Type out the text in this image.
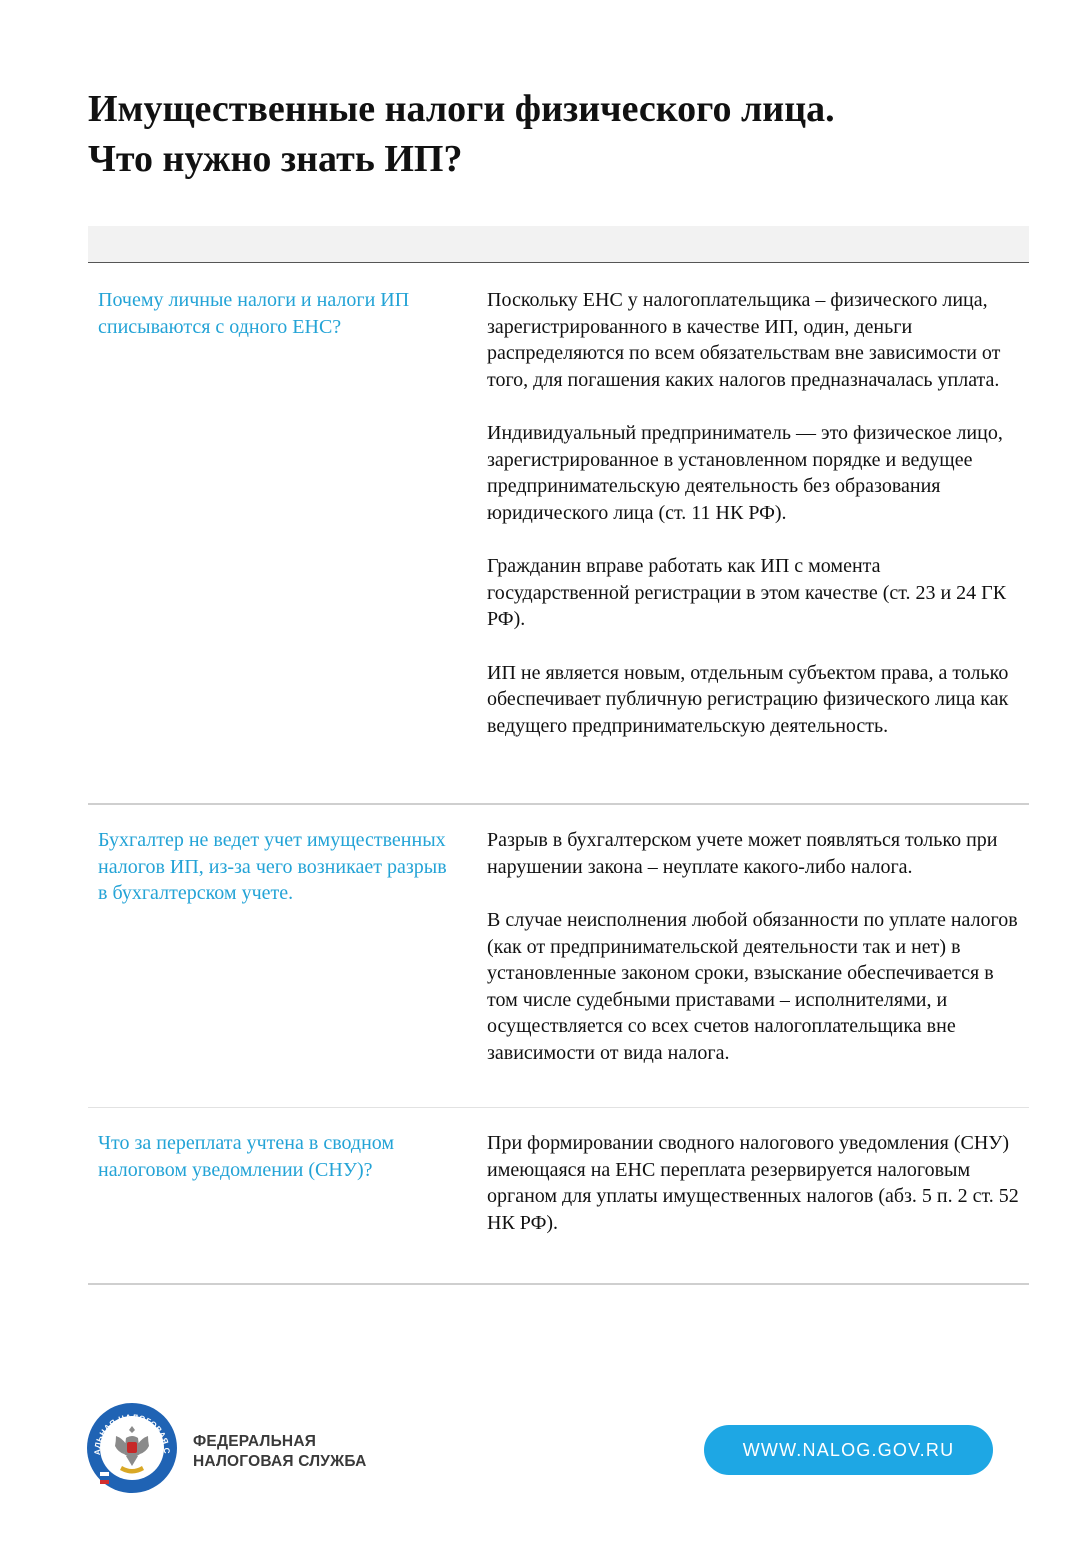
Имущественные налоги физического лица.
Что нужно знать ИП?
Почему личные налоги и налоги ИП списываются с одного ЕНС?

Поскольку ЕНС у налогоплательщика – физического лица, зарегистрированного в качестве ИП, один, деньги распределяются по всем обязательствам вне зависимости от того, для погашения каких налогов предназначалась уплата.

Индивидуальный предприниматель — это физическое лицо, зарегистрированное в установленном порядке и ведущее предпринимательскую деятельность без образования юридического лица (ст. 11 НК РФ).

Гражданин вправе работать как ИП с момента государственной регистрации в этом качестве (ст. 23 и 24 ГК РФ).

ИП не является новым, отдельным субъектом права, а только обеспечивает публичную регистрацию физического лица как ведущего предпринимательскую деятельность.

Бухгалтер не ведет учет имущественных налогов ИП, из-за чего возникает разрыв в бухгалтерском учете.

Разрыв в бухгалтерском учете может появляться только при нарушении закона – неуплате какого-либо налога.

В случае неисполнения любой обязанности по уплате налогов (как от предпринимательской деятельности так и нет) в установленные законом сроки, взыскание обеспечивается в том числе судебными приставами – исполнителями, и осуществляется со всех счетов налогоплательщика вне зависимости от вида налога.

Что за переплата учтена в сводном налоговом уведомлении (СНУ)?

При формировании сводного налогового уведомления (СНУ) имеющаяся на ЕНС переплата резервируется налоговым органом для уплаты имущественных налогов (абз. 5 п. 2 ст. 52 НК РФ).

АЛЬНАЯ НАЛОГОВАЯ С
ФЕДЕРАЛЬНАЯ
НАЛОГОВАЯ СЛУЖБА
WWW.NALOG.GOV.RU
